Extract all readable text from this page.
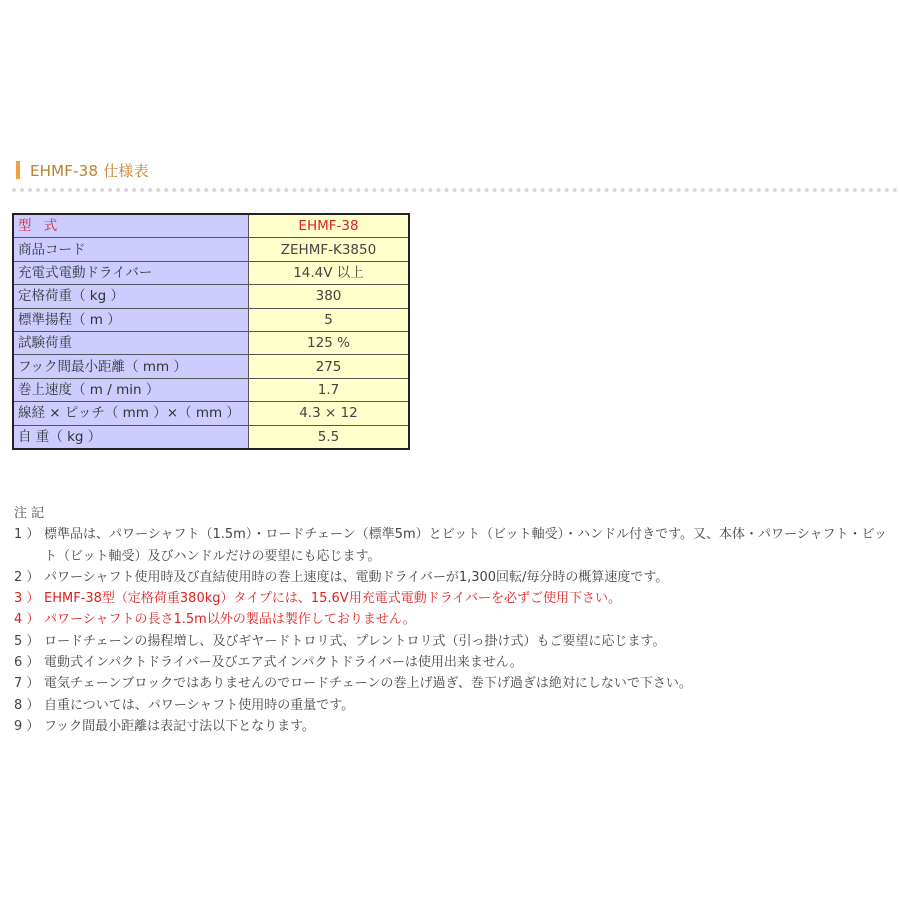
EHMF-38 仕様表
型 式	EHMF-38
商品コード	ZEHMF-K3850
充電式電動ドライバー	14.4V 以上
定格荷重（ kg ）	380
標準揚程（ m ）	5
試験荷重	125 %
フック間最小距離（ mm ）	275
巻上速度（ m / min ）	1.7
線経 × ピッチ（ mm ）×（ mm ）	4.3 × 12
自 重（ kg ）	5.5
注 記
1 ） 標準品は、パワーシャフト（1.5m）・ロードチェーン（標準5m）とビット（ビット軸受）・ハンドル付きです。又、本体・パワーシャフト・ビット（ビット軸受）及びハンドルだけの要望にも応じます。
2 ） パワーシャフト使用時及び直結使用時の巻上速度は、電動ドライバーが1,300回転/毎分時の概算速度です。
3 ） EHMF-38型（定格荷重380kg）タイプには、15.6V用充電式電動ドライバーを必ずご使用下さい。
4 ） パワーシャフトの長さ1.5m以外の製品は製作しておりません。
5 ） ロードチェーンの揚程増し、及びギヤードトロリ式、プレントロリ式（引っ掛け式）もご要望に応じます。
6 ） 電動式インパクトドライバー及びエア式インパクトドライバーは使用出来ません。
7 ） 電気チェーンブロックではありませんのでロードチェーンの巻上げ過ぎ、巻下げ過ぎは絶対にしないで下さい。
8 ） 自重については、パワーシャフト使用時の重量です。
9 ） フック間最小距離は表記寸法以下となります。
